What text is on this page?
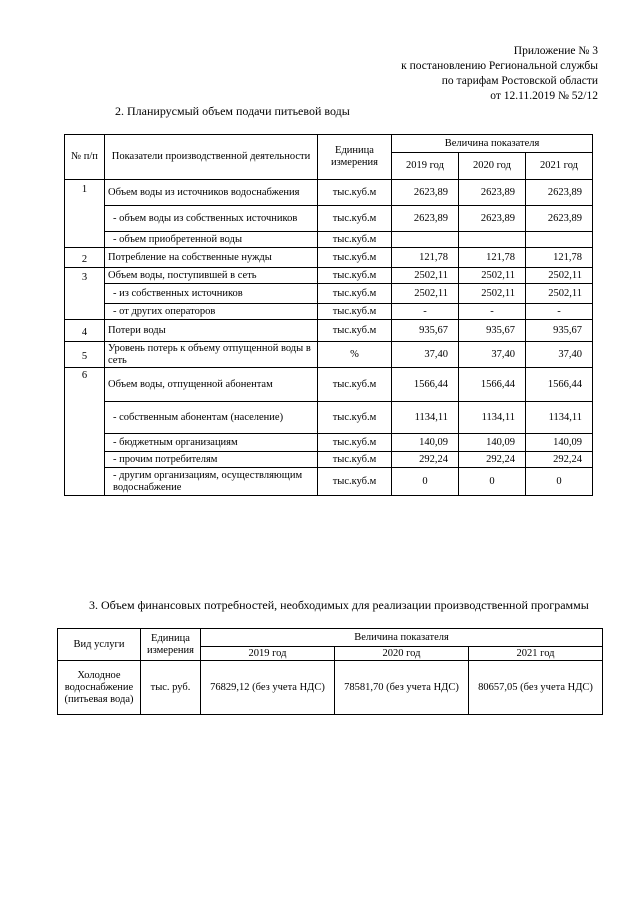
Приложение № 3
к постановлению Региональной службы
по тарифам Ростовской области
от 12.11.2019 № 52/12
2. Планирусмый объем подачи питьевой воды
№ п/п	Показатели производственной деятельности	Единица измерения	Величина показателя		
			2019 год	2020 год	2021 год
1	Объем воды из источников водоснабжения	тыс.куб.м	2623,89	2623,89	2623,89
	- объем воды из собственных источников	тыс.куб.м	2623,89	2623,89	2623,89
	- объем приобретенной воды	тыс.куб.м			
2	Потребление на собственные нужды	тыс.куб.м	121,78	121,78	121,78
3	Объем воды, поступившей в сеть	тыс.куб.м	2502,11	2502,11	2502,11
	- из собственных источников	тыс.куб.м	2502,11	2502,11	2502,11
	- от других операторов	тыс.куб.м	-	-	-
4	Потери воды	тыс.куб.м	935,67	935,67	935,67
5	Уровень потерь к объему отпущенной воды в сеть	%	37,40	37,40	37,40
6	Объем воды, отпущенной абонентам	тыс.куб.м	1566,44	1566,44	1566,44
	- собственным абонентам (население)	тыс.куб.м	1134,11	1134,11	1134,11
	- бюджетным организациям	тыс.куб.м	140,09	140,09	140,09
	- прочим потребителям	тыс.куб.м	292,24	292,24	292,24
	- другим организациям, осуществляющим водоснабжение	тыс.куб.м	0	0	0
3. Объем финансовых потребностей, необходимых для реализации производственной программы
Вид услуги	Единица измерения	Величина показателя		
		2019 год	2020 год	2021 год
Холодное водоснабжение (питьевая вода)	тыс. руб.	76829,12 (без учета НДС)	78581,70 (без учета НДС)	80657,05 (без учета НДС)
